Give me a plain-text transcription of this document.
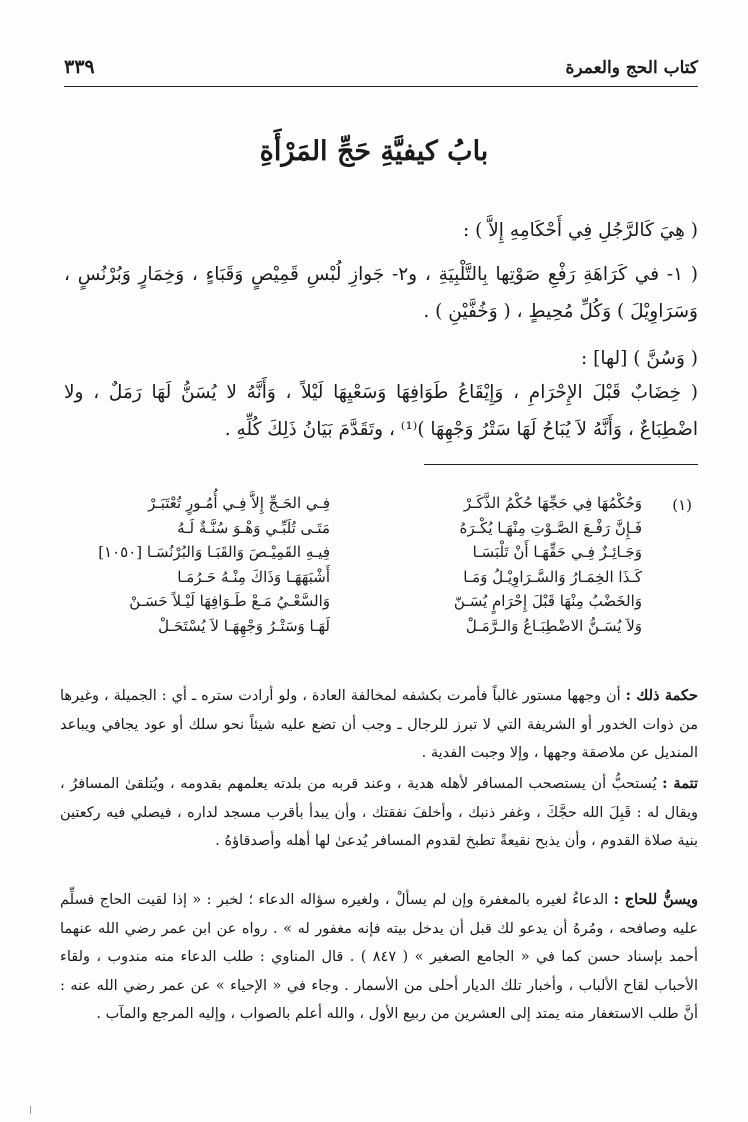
كتاب الحج والعمرة
٣٣٩
بابُ كيفيَّةِ حَجِّ المَرْأَةِ
( هِيَ كَالرَّجُلِ فِي أَحْكَامِهِ إِلاَّ ) :
( ١- في كَرَاهَةِ رَفْعِ صَوْتِها بِالتَّلْبِيَةِ ، و٢- جَوازِ لُبْسِ قَمِيْصٍ وَقَبَاءٍ ، وَخِمَارٍ وَبُرْنُسٍ ، وَسَرَاوِيْلَ ) وَكُلِّ مُحِيطٍ ، ( وَخُفَّيْنِ ) .
( وَسُنَّ ) [لها] :
( خِضَابٌ قَبْلَ الإِحْرَامِ ، وَإِيْقَاعُ طَوَافِهَا وَسَعْيِهَا لَيْلاً ، وَأَنَّهُ لا يُسَنُّ لَهَا رَمَلٌ ، ولا اضْطِبَاعٌ ، وَأَنَّهُ لاَ يُبَاحُ لَهَا سَتْرُ وَجْهِهَا )⁽¹⁾ ، وتَقَدَّمَ بَيَانُ ذَلِكَ كُلِّهِ .
(١)
وَحُكْمُهَا فِي حَجِّهَا حُكْمُ الذَّكَـرْ
فِـي الحَـجِّ إِلاَّ فِـي أُمُـورٍ تُعْتَبَـرْ
فَـإِنَّ رَفْـعَ الصَّـوْتِ مِنْهَـا يُكْـرَهُ
مَتَـى تُلَبِّـي وَهْـوَ سُنَّـةٌ لَـهُ
وَجَـائِـزٌ فِـي حَقِّهَـا أَنْ تَلْبَسَـا
فِيـهِ القَمِيْـصَ وَالقَبَـا وَالبُرْنُسَـا [١٠٥٠]
كَـذَا الخِمَـارُ وَالسَّـرَاوِيْـلُ وَمَـا
أَشْبَهَهَـا وَذَاكَ مِنْـهُ حَـرُمَـا
وَالخَضْبُ مِنْهَا قَبْلَ إِحْرَامٍ يُسَـنّ
وَالسَّعْـيُ مَـعْ طَـوَافِهَا لَيْـلاً حَسَـنْ
وَلاَ يُسَـنُّ الاضْطِبَـاعُ وَالـرَّمَـلْ
لَهَـا وَسَتْـرُ وَجْهِهَـا لاَ يُسْتَحَـلْ
حكمة ذلك : أن وجهها مستور غالباً فأمرت بكشفه لمخالفة العادة ، ولو أرادت ستره ـ أي : الجميلة ، وغيرها من ذوات الخدور أو الشريفة التي لا تبرز للرجال ـ وجب أن تضع عليه شيئاً نحو سلك أو عود يجافي ويباعد المنديل عن ملاصقة وجهها ، وإلا وجبت الفدية .
تتمة : يُستحبُّ أن يستصحب المسافر لأهله هدية ، وعند قربه من بلدته يعلمهم بقدومه ، ويُتلقىٰ المسافرُ ، ويقال له : قَبِلَ الله حجَّكَ ، وغفر ذنبك ، وأخلفَ نفقتك ، وأن يبدأ بأقرب مسجد لداره ، فيصلي فيه ركعتين بنية صلاة القدوم ، وأن يذبح نقيعةً تطبخ لقدوم المسافر يُدعىٰ لها أهله وأصدقاؤهُ .
ويسنُّ للحاج : الدعاءُ لغيره بالمغفرة وإن لم يسألْ ، ولغيره سؤاله الدعاء ؛ لخبر : « إذا لقيت الحاج فسلِّم عليه وصافحه ، ومُرهُ أن يدعو لك قبل أن يدخل بيته فإنه مغفور له » . رواه عن ابن عمر رضي الله عنهما أحمد بإسناد حسن كما في « الجامع الصغير » ( ٨٤٧ ) . قال المناوي : طلب الدعاء منه مندوب ، ولقاء الأحباب لقاح الألباب ، وأخبار تلك الديار أحلى من الأسمار . وجاء في « الإحياء » عن عمر رضي الله عنه : أنَّ طلب الاستغفار منه يمتد إلى العشرين من ربيع الأول ، والله أعلم بالصواب ، وإليه المرجع والمآب .
